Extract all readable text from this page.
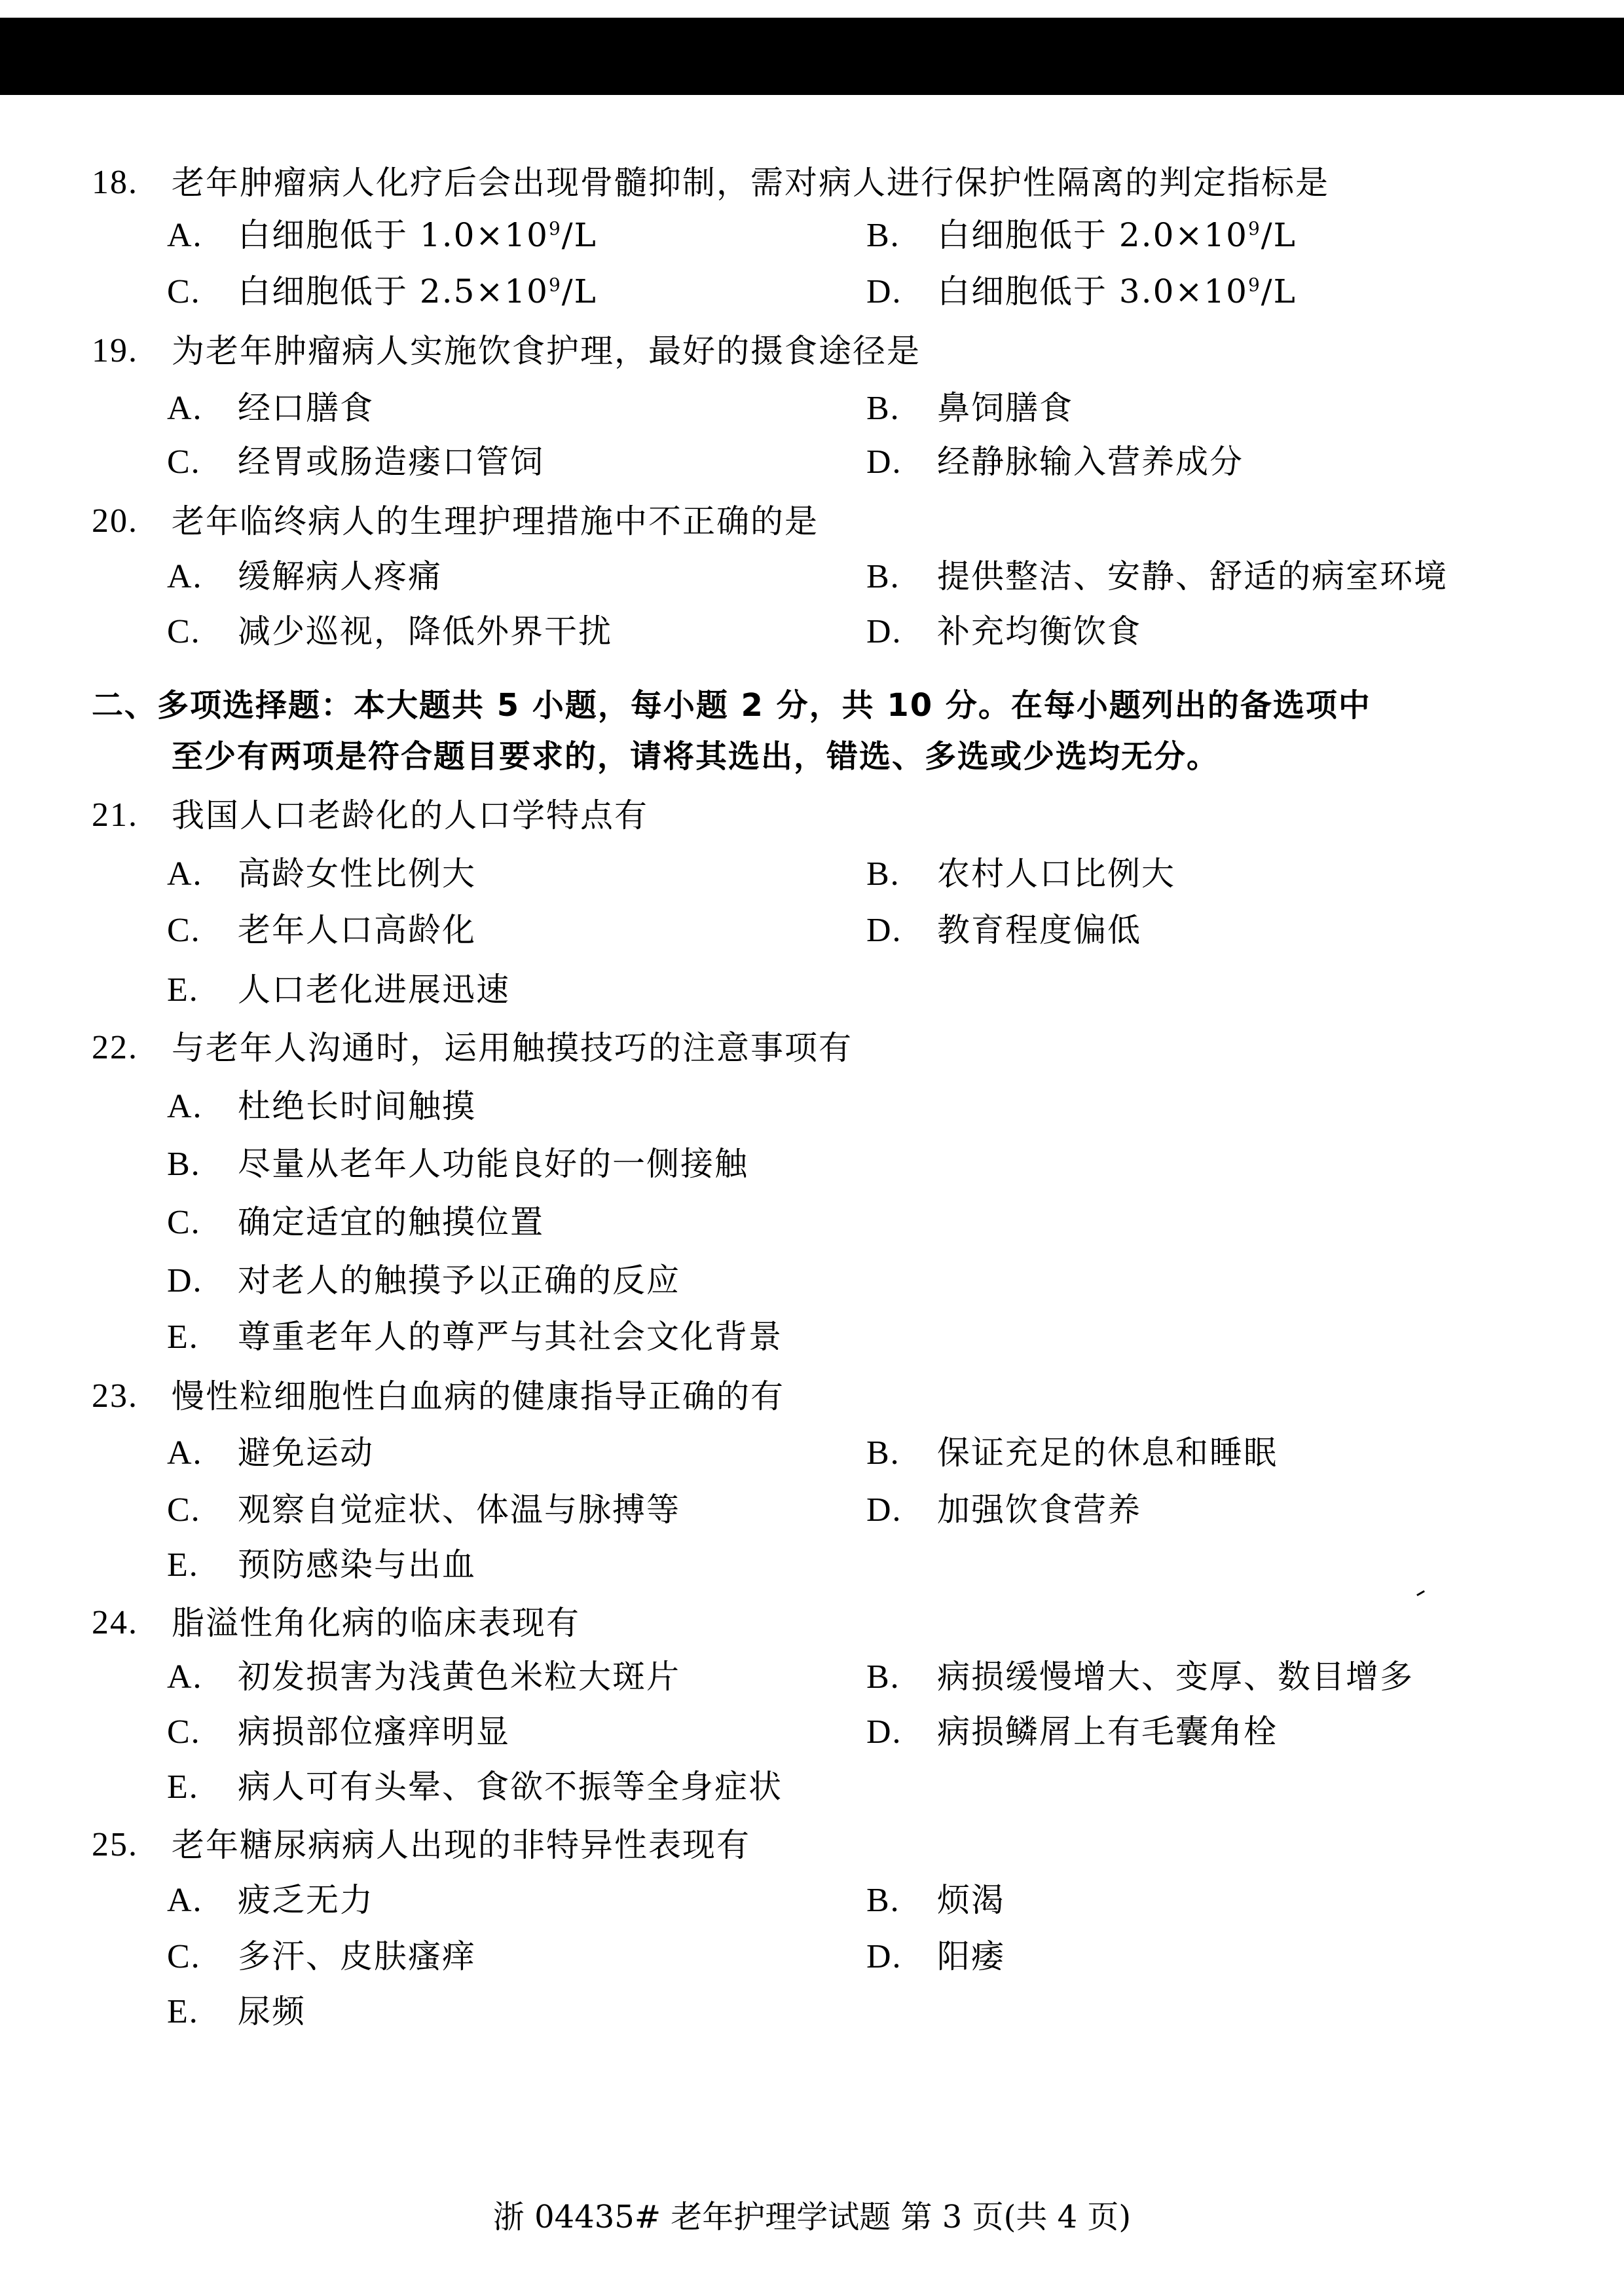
18. 老年肿瘤病人化疗后会出现骨髓抑制，需对病人进行保护性隔离的判定指标是
A. 白细胞低于 $1.0\times 10^9/L$	B. 白细胞低于 $2.0\times 10^9/L$
C. 白细胞低于 $2.5\times 10^9/L$	D. 白细胞低于 $3.0\times 10^9/L$
19. 为老年肿瘤病人实施饮食护理，最好的摄食途径是
A. 经口膳食	B. 鼻饲膳食
C. 经胃或肠造瘘口管饲	D. 经静脉输入营养成分
20. 老年临终病人的生理护理措施中不正确的是
A. 缓解病人疼痛	B. 提供整洁、安静、舒适的病室环境
C. 减少巡视，降低外界干扰	D. 补充均衡饮食
二、多项选择题：本大题共 5 小题，每小题 2 分，共 10 分。在每小题列出的备选项中
至少有两项是符合题目要求的，请将其选出，错选、多选或少选均无分。
21. 我国人口老龄化的人口学特点有
A. 高龄女性比例大	B. 农村人口比例大
C. 老年人口高龄化	D. 教育程度偏低
E. 人口老化进展迅速
22. 与老年人沟通时，运用触摸技巧的注意事项有
A. 杜绝长时间触摸
B. 尽量从老年人功能良好的一侧接触
C. 确定适宜的触摸位置
D. 对老人的触摸予以正确的反应
E. 尊重老年人的尊严与其社会文化背景
23. 慢性粒细胞性白血病的健康指导正确的有
A. 避免运动	B. 保证充足的休息和睡眠
C. 观察自觉症状、体温与脉搏等	D. 加强饮食营养
E. 预防感染与出血
24. 脂溢性角化病的临床表现有
A. 初发损害为浅黄色米粒大斑片	B. 病损缓慢增大、变厚、数目增多
C. 病损部位瘙痒明显	D. 病损鳞屑上有毛囊角栓
E. 病人可有头晕、食欲不振等全身症状
25. 老年糖尿病病人出现的非特异性表现有
A. 疲乏无力	B. 烦渴
C. 多汗、皮肤瘙痒	D. 阳痿
E. 尿频
浙 04435# 老年护理学试题 第 3 页(共 4 页)
